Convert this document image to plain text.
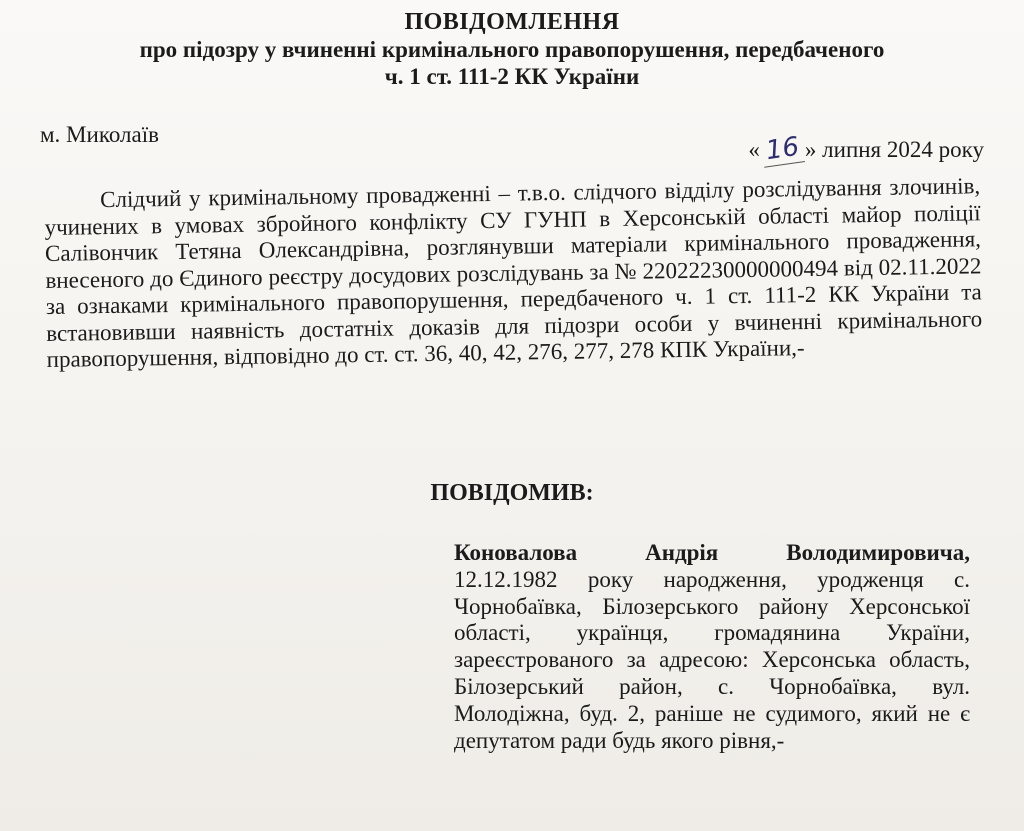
ПОВІДОМЛЕННЯ
про підозру у вчиненні кримінального правопорушення, передбаченого
ч. 1 ст. 111-2 КК України
м. Миколаїв
« 16 » липня 2024 року

Слідчий у кримінальному провадженні – т.в.о. слідчого відділу розслідування злочинів, учинених в умовах збройного конфлікту СУ ГУНП в Херсонській області майор поліції Салівончик Тетяна Олександрівна, розглянувши матеріали кримінального провадження, внесеного до Єдиного реєстру досудових розслідувань за № 22022230000000494 від 02.11.2022 за ознаками кримінального правопорушення, передбаченого ч. 1 ст. 111-2 КК України та встановивши наявність достатніх доказів для підозри особи у вчиненні кримінального правопорушення, відповідно до ст. ст. 36, 40, 42, 276, 277, 278 КПК України,-

ПОВІДОМИВ:
Коновалова Андрія Володимировича,
12.12.1982 року народження, уродженця с. Чорнобаївка, Білозерського району Херсонської області, українця, громадянина України, зареєстрованого за адресою: Херсонська область, Білозерський район, с. Чорнобаївка, вул. Молодіжна, буд. 2, раніше не судимого, який не є депутатом ради будь якого рівня,-
